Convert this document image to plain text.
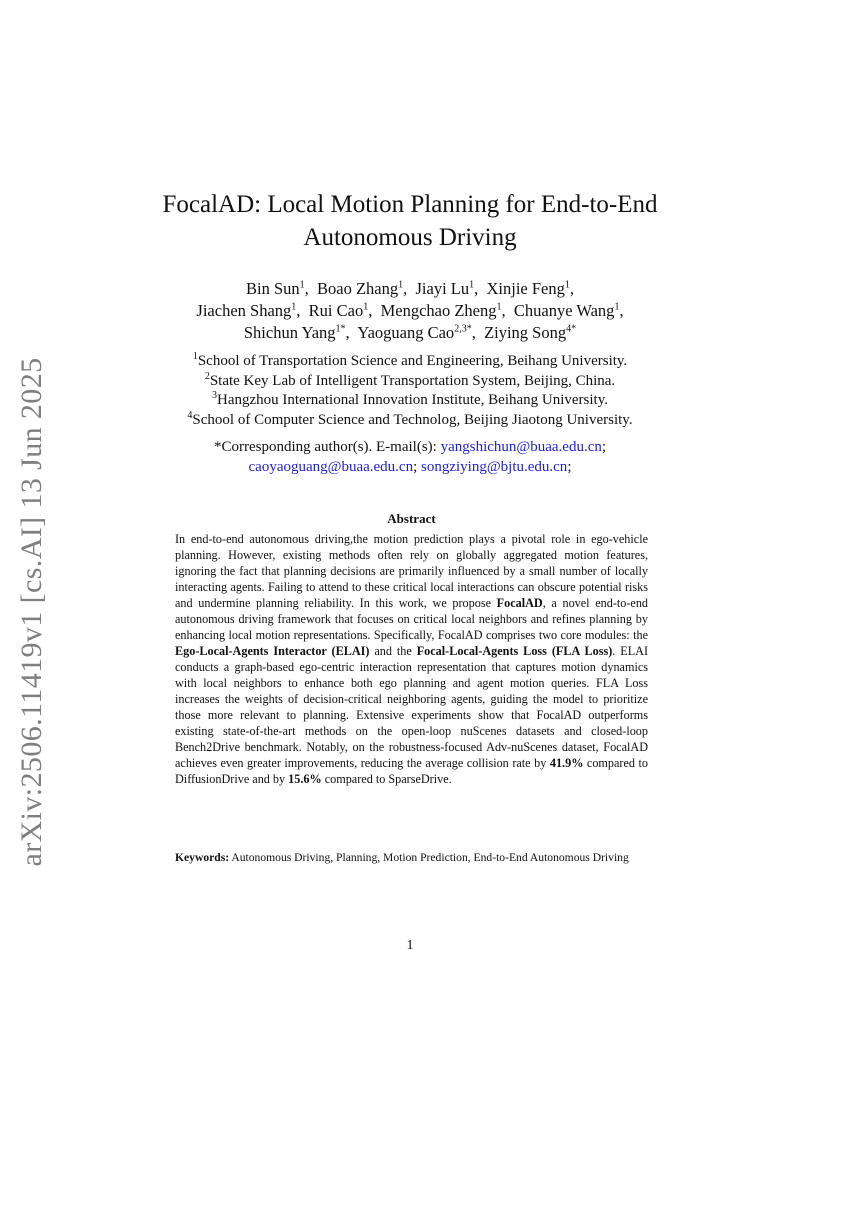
arXiv:2506.11419v1 [cs.AI] 13 Jun 2025
FocalAD: Local Motion Planning for End-to-End
Autonomous Driving
Bin Sun$^1$,  Boao Zhang$^1$,  Jiayi Lu$^1$,  Xinjie Feng$^1$,
Jiachen Shang$^1$,  Rui Cao$^1$,  Mengchao Zheng$^1$,  Chuanye Wang$^1$,
Shichun Yang$^{1*}$,  Yaoguang Cao$^{2,3*}$,  Ziying Song$^{4*}$
$^1$School of Transportation Science and Engineering, Beihang University.
$^2$State Key Lab of Intelligent Transportation System, Beijing, China.
$^3$Hangzhou International Innovation Institute, Beihang University.
$^4$School of Computer Science and Technolog, Beijing Jiaotong University.
*Corresponding author(s). E-mail(s): yangshichun@buaa.edu.cn;
caoyaoguang@buaa.edu.cn; songziying@bjtu.edu.cn;
Abstract

In end-to-end autonomous driving,the motion prediction plays a pivotal role in ego-vehicle planning. However, existing methods often rely on globally aggregated motion features, ignoring the fact that planning decisions are primarily influenced by a small number of locally interacting agents. Failing to attend to these critical local interactions can obscure potential risks and undermine planning reliability. In this work, we propose FocalAD, a novel end-to-end autonomous driving framework that focuses on critical local neighbors and refines planning by enhancing local motion representations. Specifically, FocalAD comprises two core modules: the Ego-Local-Agents Interactor (ELAI) and the Focal-Local-Agents Loss (FLA Loss). ELAI conducts a graph-based ego-centric interaction representation that captures motion dynamics with local neighbors to enhance both ego planning and agent motion queries. FLA Loss increases the weights of decision-critical neighboring agents, guiding the model to prioritize those more relevant to planning. Extensive experiments show that FocalAD outperforms existing state-of-the-art methods on the open-loop nuScenes datasets and closed-loop Bench2Drive benchmark. Notably, on the robustness-focused Adv-nuScenes dataset, FocalAD achieves even greater improvements, reducing the average collision rate by 41.9% compared to DiffusionDrive and by 15.6% compared to SparseDrive.

Keywords: Autonomous Driving, Planning, Motion Prediction, End-to-End Autonomous Driving
1
